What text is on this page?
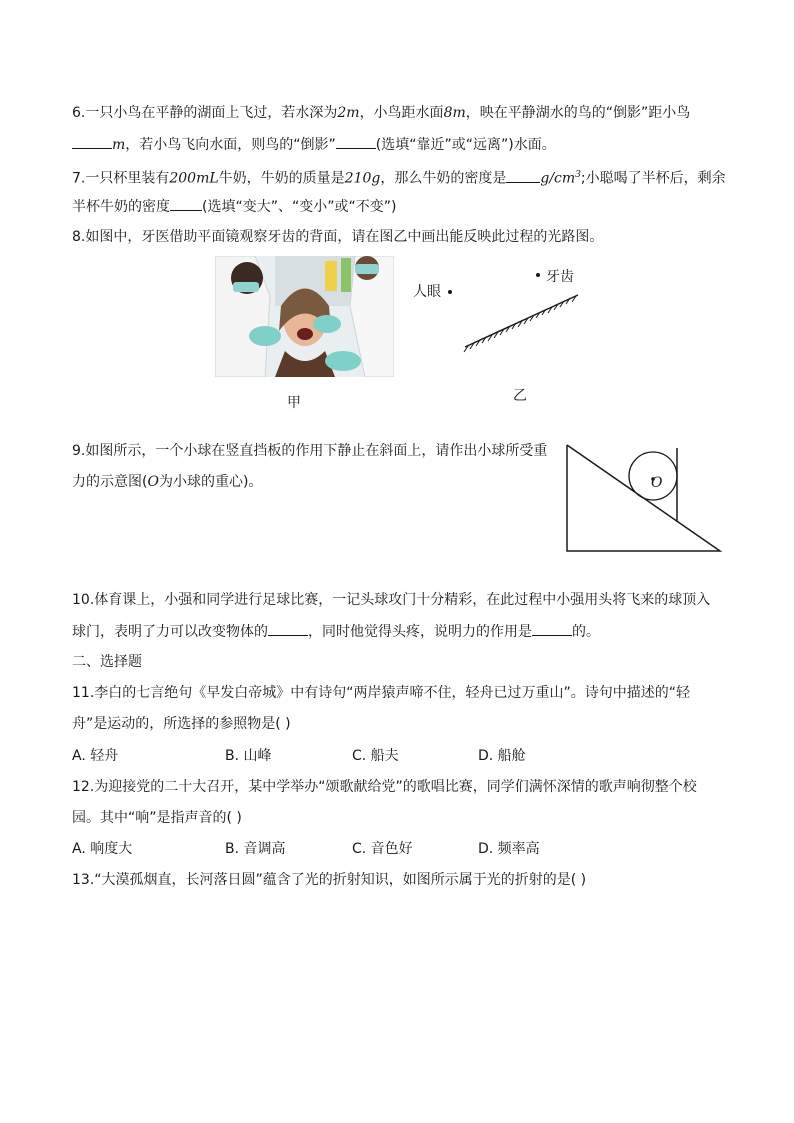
6.一只小鸟在平静的湖面上飞过，若水深为2m，小鸟距水面8m，映在平静湖水的鸟的“倒影”距小鸟
m，若小鸟飞向水面，则鸟的“倒影”	(选填“靠近”或“远离”)水面。
7.一只杯里装有200mL牛奶，牛奶的质量是210g，那么牛奶的密度是 $g/cm^3$;小聪喝了半杯后，剩余
半杯牛奶的密度 (选填“变大”、“变小”或“不变”)
8.如图中，牙医借助平面镜观察牙齿的背面，请在图乙中画出能反映此过程的光路图。
甲
人眼
牙齿
乙
9.如图所示，一个小球在竖直挡板的作用下静止在斜面上，请作出小球所受重
力的示意图(O为小球的重心)。	O
10.体育课上，小强和同学进行足球比赛，一记头球攻门十分精彩，在此过程中小强用头将飞来的球顶入
球门，表明了力可以改变物体的	，同时他觉得头疼，说明力的作用是	的。
二、选择题
11.李白的七言绝句《早发白帝城》中有诗句“两岸猿声啼不住，轻舟已过万重山”。诗句中描述的“轻
舟”是运动的，所选择的参照物是( )
A. 轻舟	B. 山峰	C. 船夫	D. 船舱
12.为迎接党的二十大召开，某中学举办“颂歌献给党”的歌唱比赛，同学们满怀深情的歌声响彻整个校
园。其中“响”是指声音的( )
A. 响度大	B. 音调高	C. 音色好	D. 频率高
13.“大漠孤烟直，长河落日圆”蕴含了光的折射知识，如图所示属于光的折射的是( )
